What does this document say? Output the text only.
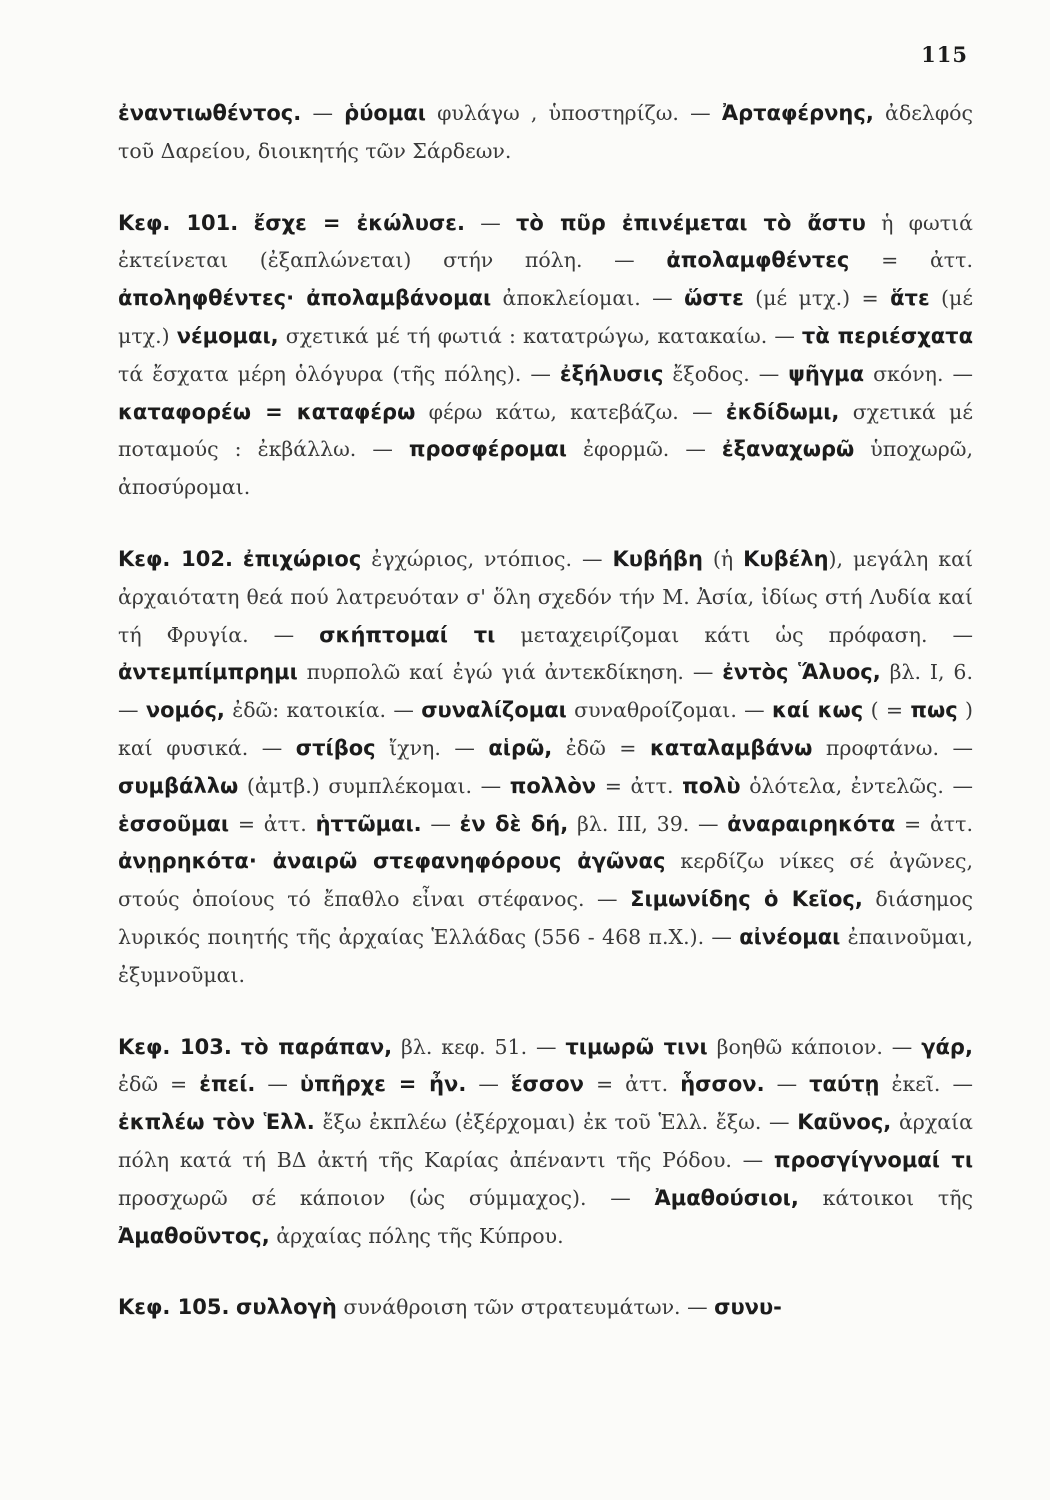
115

ἐναντιωθέντος. — ῥύομαι φυλάγω , ὑποστηρίζω. — Ἀρταφέρνης, ἀδελφός τοῦ Δαρείου, διοικητής τῶν Σάρδεων.

Κεφ. 101. ἔσχε = ἐκώλυσε. — τὸ πῦρ ἐπινέμεται τὸ ἄστυ ἡ φωτιά ἐκτείνεται (ἐξαπλώνεται) στήν πόλη. — ἀπολαμφθέντες = ἀττ. ἀποληφθέντες· ἀπολαμβάνομαι ἀποκλείομαι. — ὥστε (μέ μτχ.) = ἅτε (μέ μτχ.) νέμομαι, σχετικά μέ τή φωτιά : κατατρώγω, κατακαίω. — τὰ περιέσχατα τά ἔσχατα μέρη ὁλόγυρα (τῆς πόλης). — ἐξήλυσις ἔξοδος. — ψῆγμα σκόνη. — καταφορέω = καταφέρω φέρω κάτω, κατεβάζω. — ἐκδίδωμι, σχετικά μέ ποταμούς : ἐκβάλλω. — προσφέρομαι ἐφορμῶ. — ἐξαναχωρῶ ὑποχωρῶ, ἀποσύρομαι.

Κεφ. 102. ἐπιχώριος ἐγχώριος, ντόπιος. — Κυβήβη (ἡ Κυβέλη), μεγάλη καί ἀρχαιότατη θεά πού λατρευόταν σ' ὅλη σχεδόν τήν Μ. Ἀσία, ἰδίως στή Λυδία καί τή Φρυγία. — σκήπτομαί τι μεταχειρίζομαι κάτι ὡς πρόφαση. — ἀντεμπίμπρημι πυρπολῶ καί ἐγώ γιά ἀντεκδίκηση. — ἐντὸς Ἅλυος, βλ. I, 6. — νομός, ἐδῶ: κατοικία. — συναλίζομαι συναθροίζομαι. — καί κως ( = πως ) καί φυσικά. — στίβος ἴχνη. — αἱρῶ, ἐδῶ = καταλαμβάνω προφτάνω. — συμβάλλω (ἀμτβ.) συμπλέκομαι. — πολλὸν = ἀττ. πολὺ ὁλότελα, ἐντελῶς. — ἑσσοῦμαι = ἀττ. ἡττῶμαι. — ἐν δὲ δή, βλ. III, 39. — ἀναραιρηκότα = ἀττ. ἀνῃρηκότα· ἀναιρῶ στεφανηφόρους ἀγῶνας κερδίζω νίκες σέ ἀγῶνες, στούς ὁποίους τό ἔπαθλο εἶναι στέφανος. — Σιμωνίδης ὁ Κεῖος, διάσημος λυρικός ποιητής τῆς ἀρχαίας Ἑλλάδας (556 - 468 π.Χ.). — αἰνέομαι ἐπαινοῦμαι, ἐξυμνοῦμαι.

Κεφ. 103. τὸ παράπαν, βλ. κεφ. 51. — τιμωρῶ τινι βοηθῶ κάποιον. — γάρ, ἐδῶ = ἐπεί. — ὑπῆρχε = ἦν. — ἕσσον = ἀττ. ἧσσον. — ταύτῃ ἐκεῖ. — ἐκπλέω τὸν Ἑλλ. ἔξω ἐκπλέω (ἐξέρχομαι) ἐκ τοῦ Ἑλλ. ἔξω. — Καῦνος, ἀρχαία πόλη κατά τή ΒΔ ἀκτή τῆς Καρίας ἀπέναντι τῆς Ρόδου. — προσγίγνομαί τι προσχωρῶ σέ κάποιον (ὡς σύμμαχος). — Ἀμαθούσιοι, κάτοικοι τῆς Ἀμαθοῦντος, ἀρχαίας πόλης τῆς Κύπρου.

Κεφ. 105. συλλογὴ συνάθροιση τῶν στρατευμάτων. — συνυ-
